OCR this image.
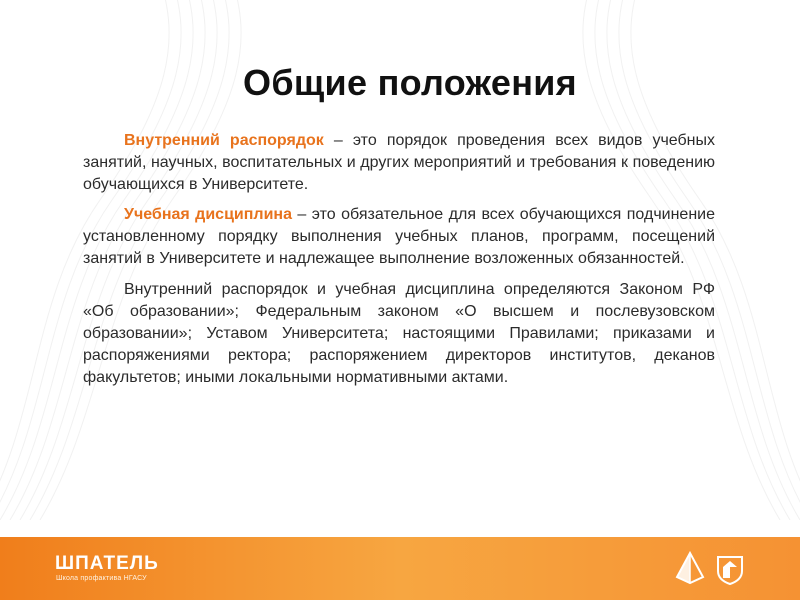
Общие положения

Внутренний распорядок – это порядок проведения всех видов учебных занятий, научных, воспитательных и других мероприятий и требования к поведению обучающихся в Университете.

Учебная дисциплина – это обязательное для всех обучающихся подчинение установленному порядку выполнения учебных планов, программ, посещений занятий в Университете и надлежащее выполнение возложенных обязанностей.

Внутренний распорядок и учебная дисциплина определяются Законом РФ «Об образовании»; Федеральным законом «О высшем и послевузовском образовании»; Уставом Университета; настоящими Правилами; приказами и распоряжениями ректора; распоряжением директоров институтов, деканов факультетов; иными локальными нормативными актами.

ШПАТЕЛЬ
Школа профактива НГАСУ
